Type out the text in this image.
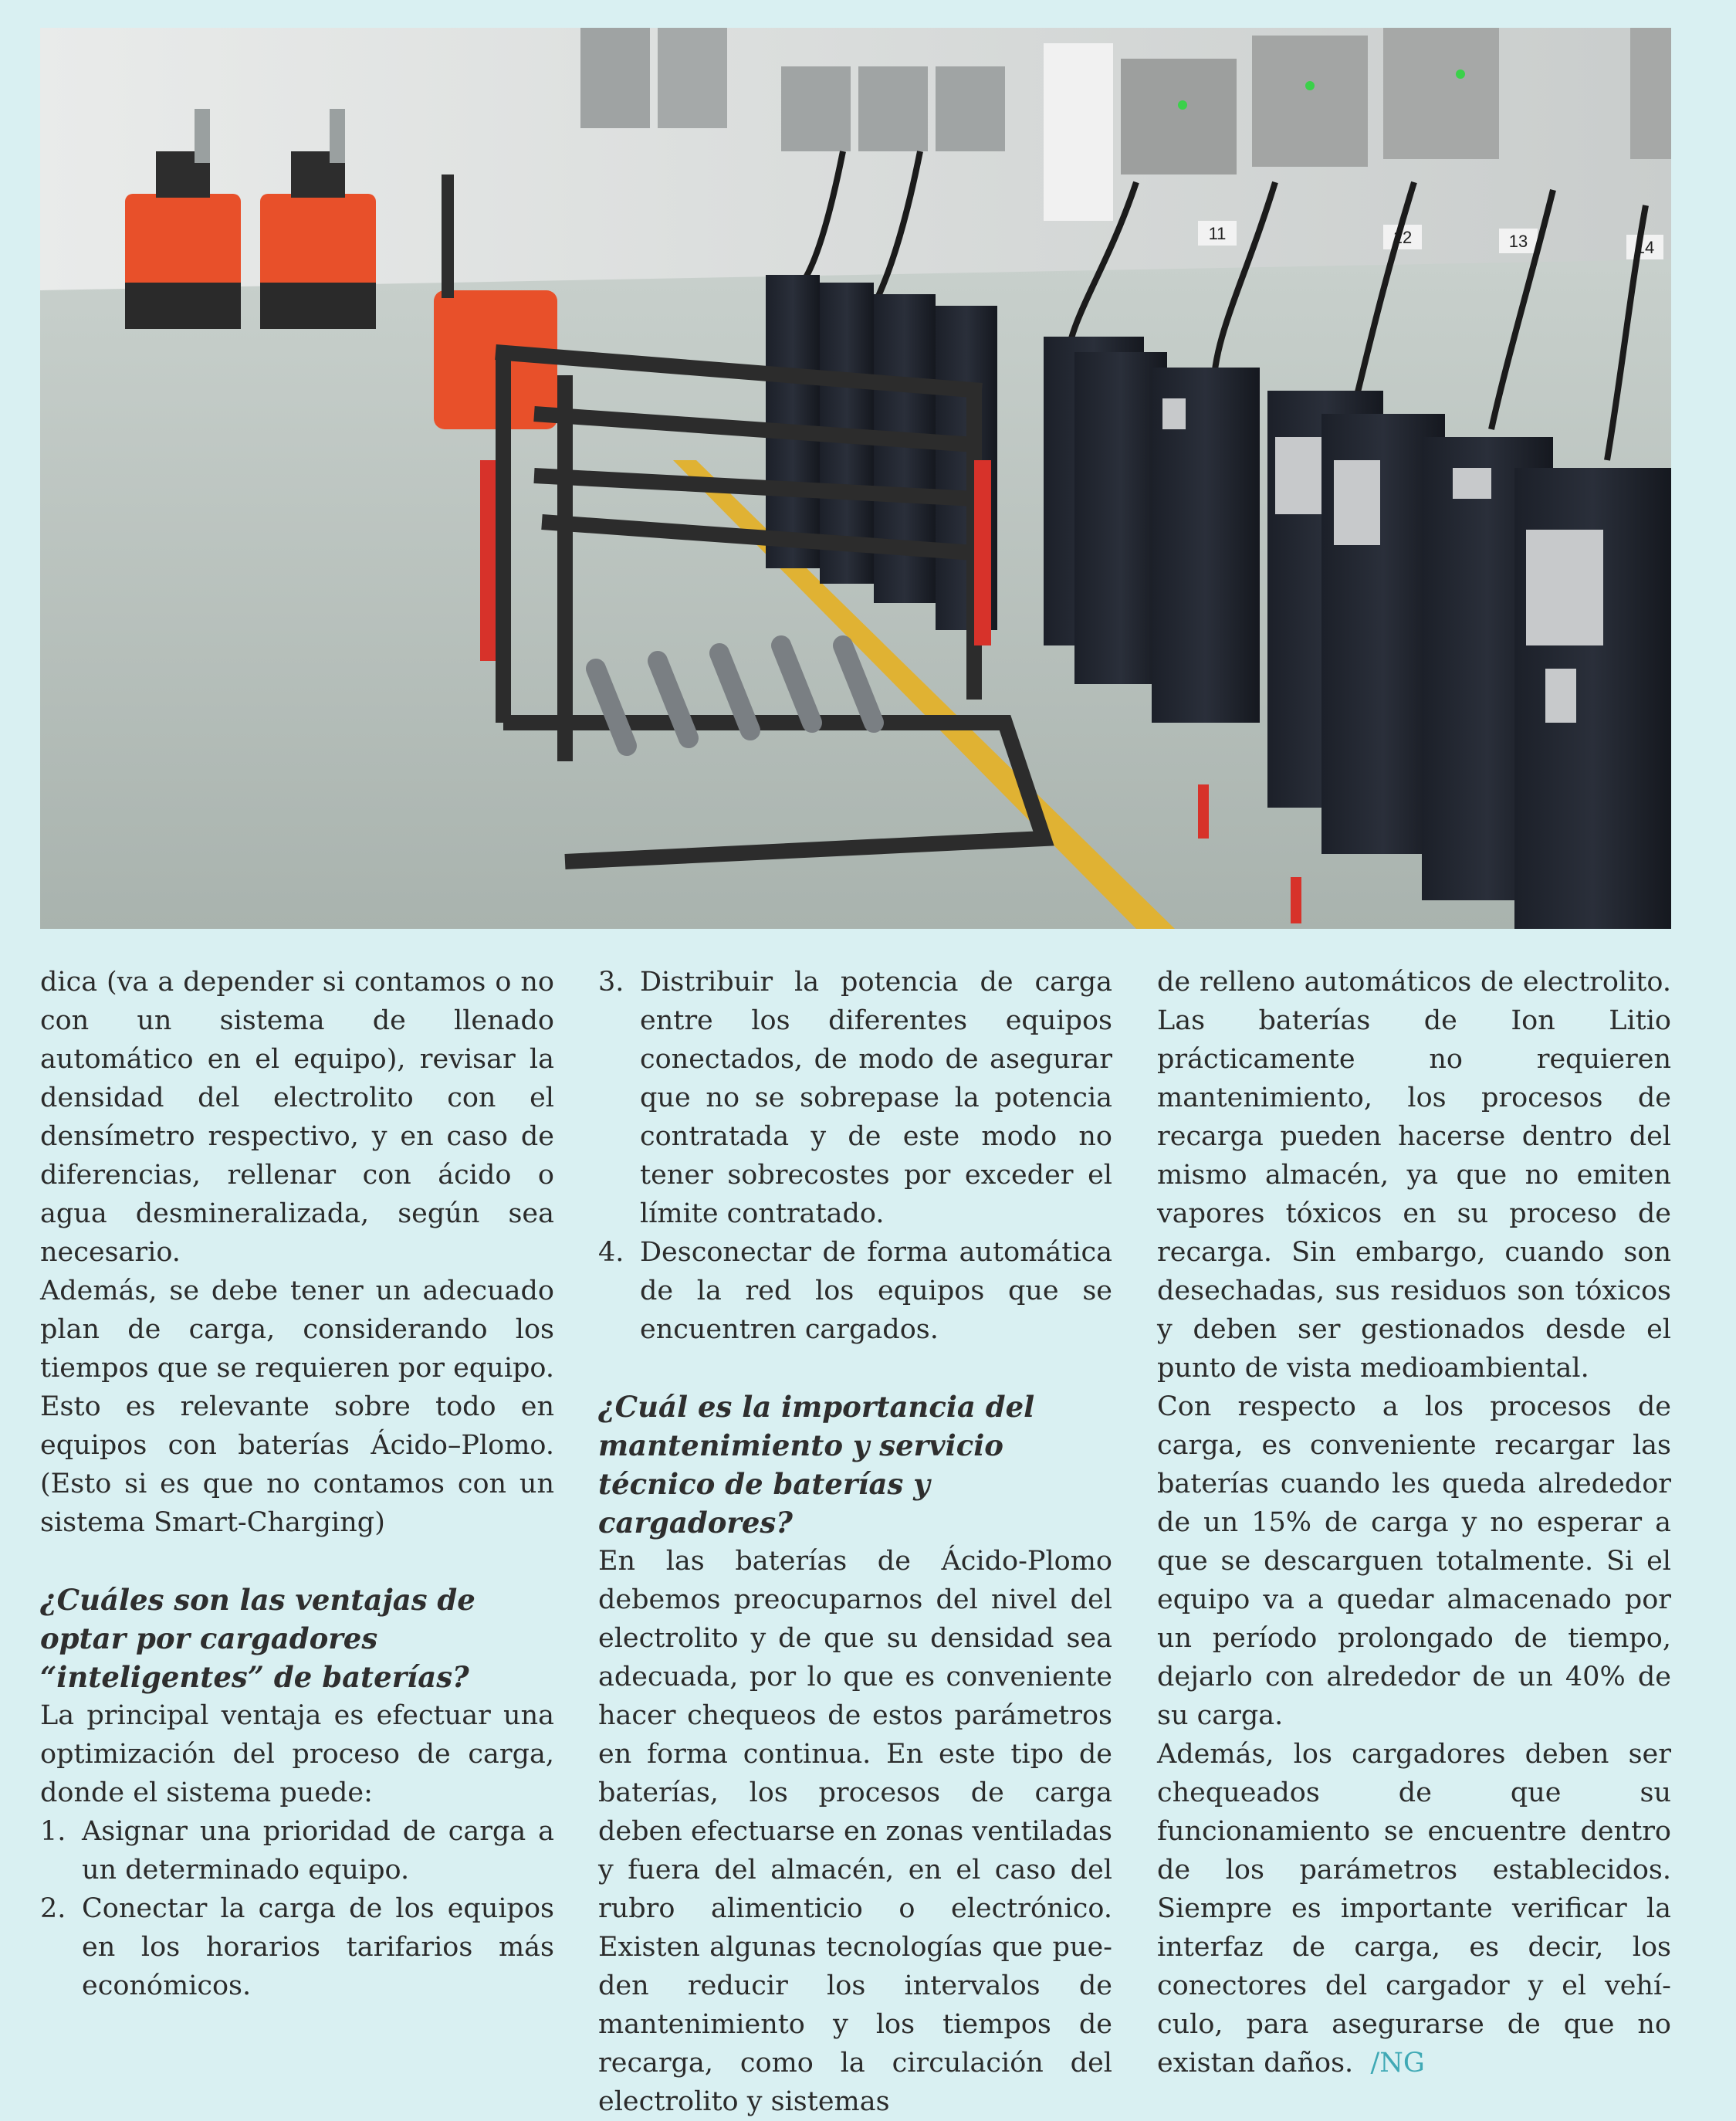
11	12	13	14

dica (va a depender si contamos o no con un sistema de llenado automático en el equipo), revisar la densidad del electrolito con el densímetro respectivo, y en caso de diferencias, rellenar con ácido o agua desmineralizada, según sea necesario.

Además, se debe tener un adecuado plan de carga, considerando los tiempos que se requieren por equipo. Esto es relevante sobre todo en equipos con baterías Ácido–Plomo. (Esto si es que no contamos con un sistema Smart-Charging)

¿Cuáles son las ventajas de optar por cargadores “inteligentes” de baterías?

La principal ventaja es efectuar una optimización del proceso de carga, donde el sistema puede:

1. Asignar una prioridad de carga a un determinado equipo.
2. Conectar la carga de los equipos en los horarios tarifarios más económicos.
3. Distribuir la potencia de carga entre los diferentes equipos conectados, de modo de asegurar que no se sobrepase la potencia contratada y de este modo no tener sobrecostes por exceder el límite contratado.
4. Desconectar de forma automática de la red los equipos que se encuentren cargados.

¿Cuál es la importancia del mantenimiento y servicio técnico de baterías y cargadores?

En las baterías de Ácido-Plomo debemos preocuparnos del nivel del electrolito y de que su densidad sea adecuada, por lo que es conveniente hacer chequeos de estos parámetros en forma continua. En este tipo de baterías, los procesos de carga deben efectuarse en zonas ventiladas y fuera del almacén, en el caso del rubro alimenticio o electrónico. Existen algunas tecnologías que pueden reducir los intervalos de mantenimiento y los tiempos de recarga, como la circulación del electrolito y sistemas

de relleno automáticos de electrolito. Las baterías de Ion Litio prácticamente no requieren mantenimiento, los procesos de recarga pueden hacerse dentro del mismo almacén, ya que no emiten vapores tóxicos en su proceso de recarga. Sin embargo, cuando son desechadas, sus residuos son tóxicos y deben ser gestionados desde el punto de vista medioambiental.

Con respecto a los procesos de carga, es conveniente recargar las baterías cuando les queda alrededor de un 15% de carga y no esperar a que se descarguen totalmente. Si el equipo va a quedar almacenado por un período prolongado de tiempo, dejarlo con alrededor de un 40% de su carga.

Además, los cargadores deben ser chequeados de que su funcionamiento se encuentre dentro de los parámetros establecidos. Siempre es importante verificar la interfaz de carga, es decir, los conectores del cargador y el vehículo, para asegurarse de que no existan daños. /NG
